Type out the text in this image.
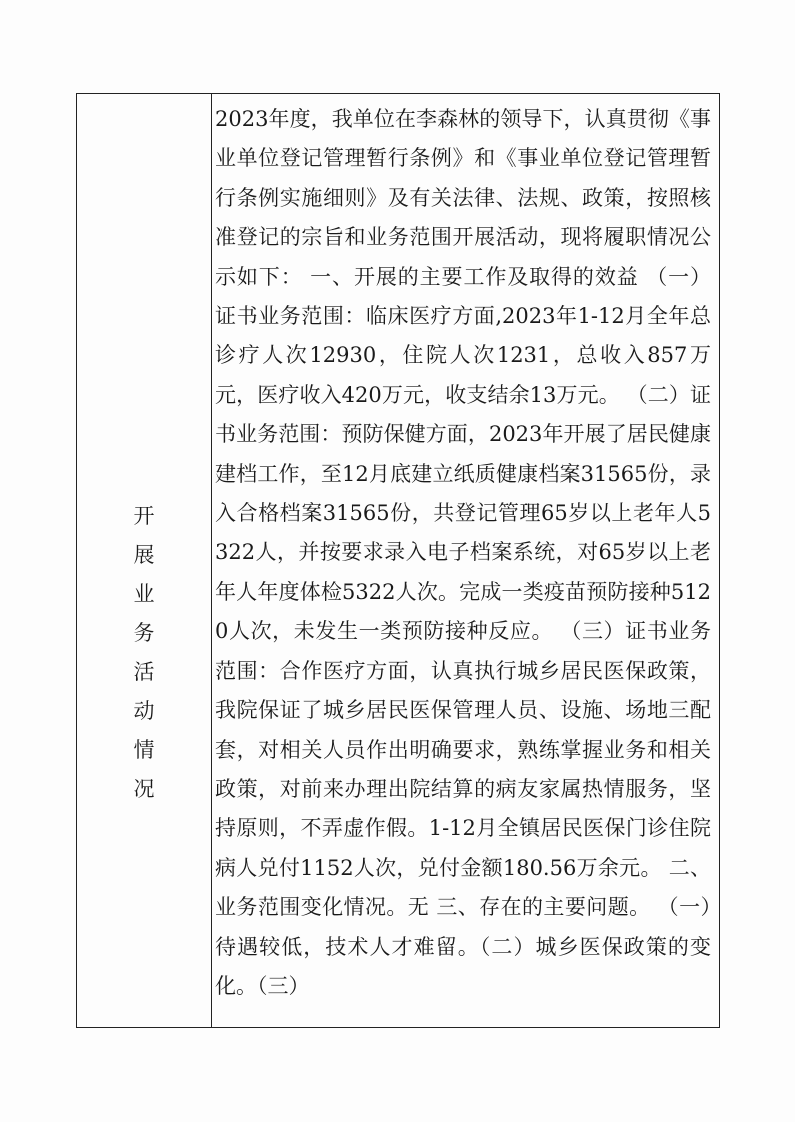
开
展
业
务
活
动
情
况

2023年度，我单位在李森林的领导下，认真贯彻《事业单位登记管理暂行条例》和《事业单位登记管理暂行条例实施细则》及有关法律、法规、政策，按照核准登记的宗旨和业务范围开展活动，现将履职情况公示如下： 一、开展的主要工作及取得的效益 （一）证书业务范围：临床医疗方面,2023年1-12月全年总诊疗人次12930，住院人次1231，总收入857万元，医疗收入420万元，收支结余13万元。 （二）证书业务范围：预防保健方面，2023年开展了居民健康建档工作，至12月底建立纸质健康档案31565份，录入合格档案31565份，共登记管理65岁以上老年人5322人，并按要求录入电子档案系统，对65岁以上老年人年度体检5322人次。完成一类疫苗预防接种5120人次，未发生一类预防接种反应。 （三）证书业务范围：合作医疗方面，认真执行城乡居民医保政策，我院保证了城乡居民医保管理人员、设施、场地三配套，对相关人员作出明确要求，熟练掌握业务和相关政策，对前来办理出院结算的病友家属热情服务，坚持原则，不弄虚作假。1-12月全镇居民医保门诊住院病人兑付1152人次，兑付金额180.56万余元。 二、业务范围变化情况。无 三、存在的主要问题。 （一）待遇较低，技术人才难留。（二）城乡医保政策的变化。（三）
